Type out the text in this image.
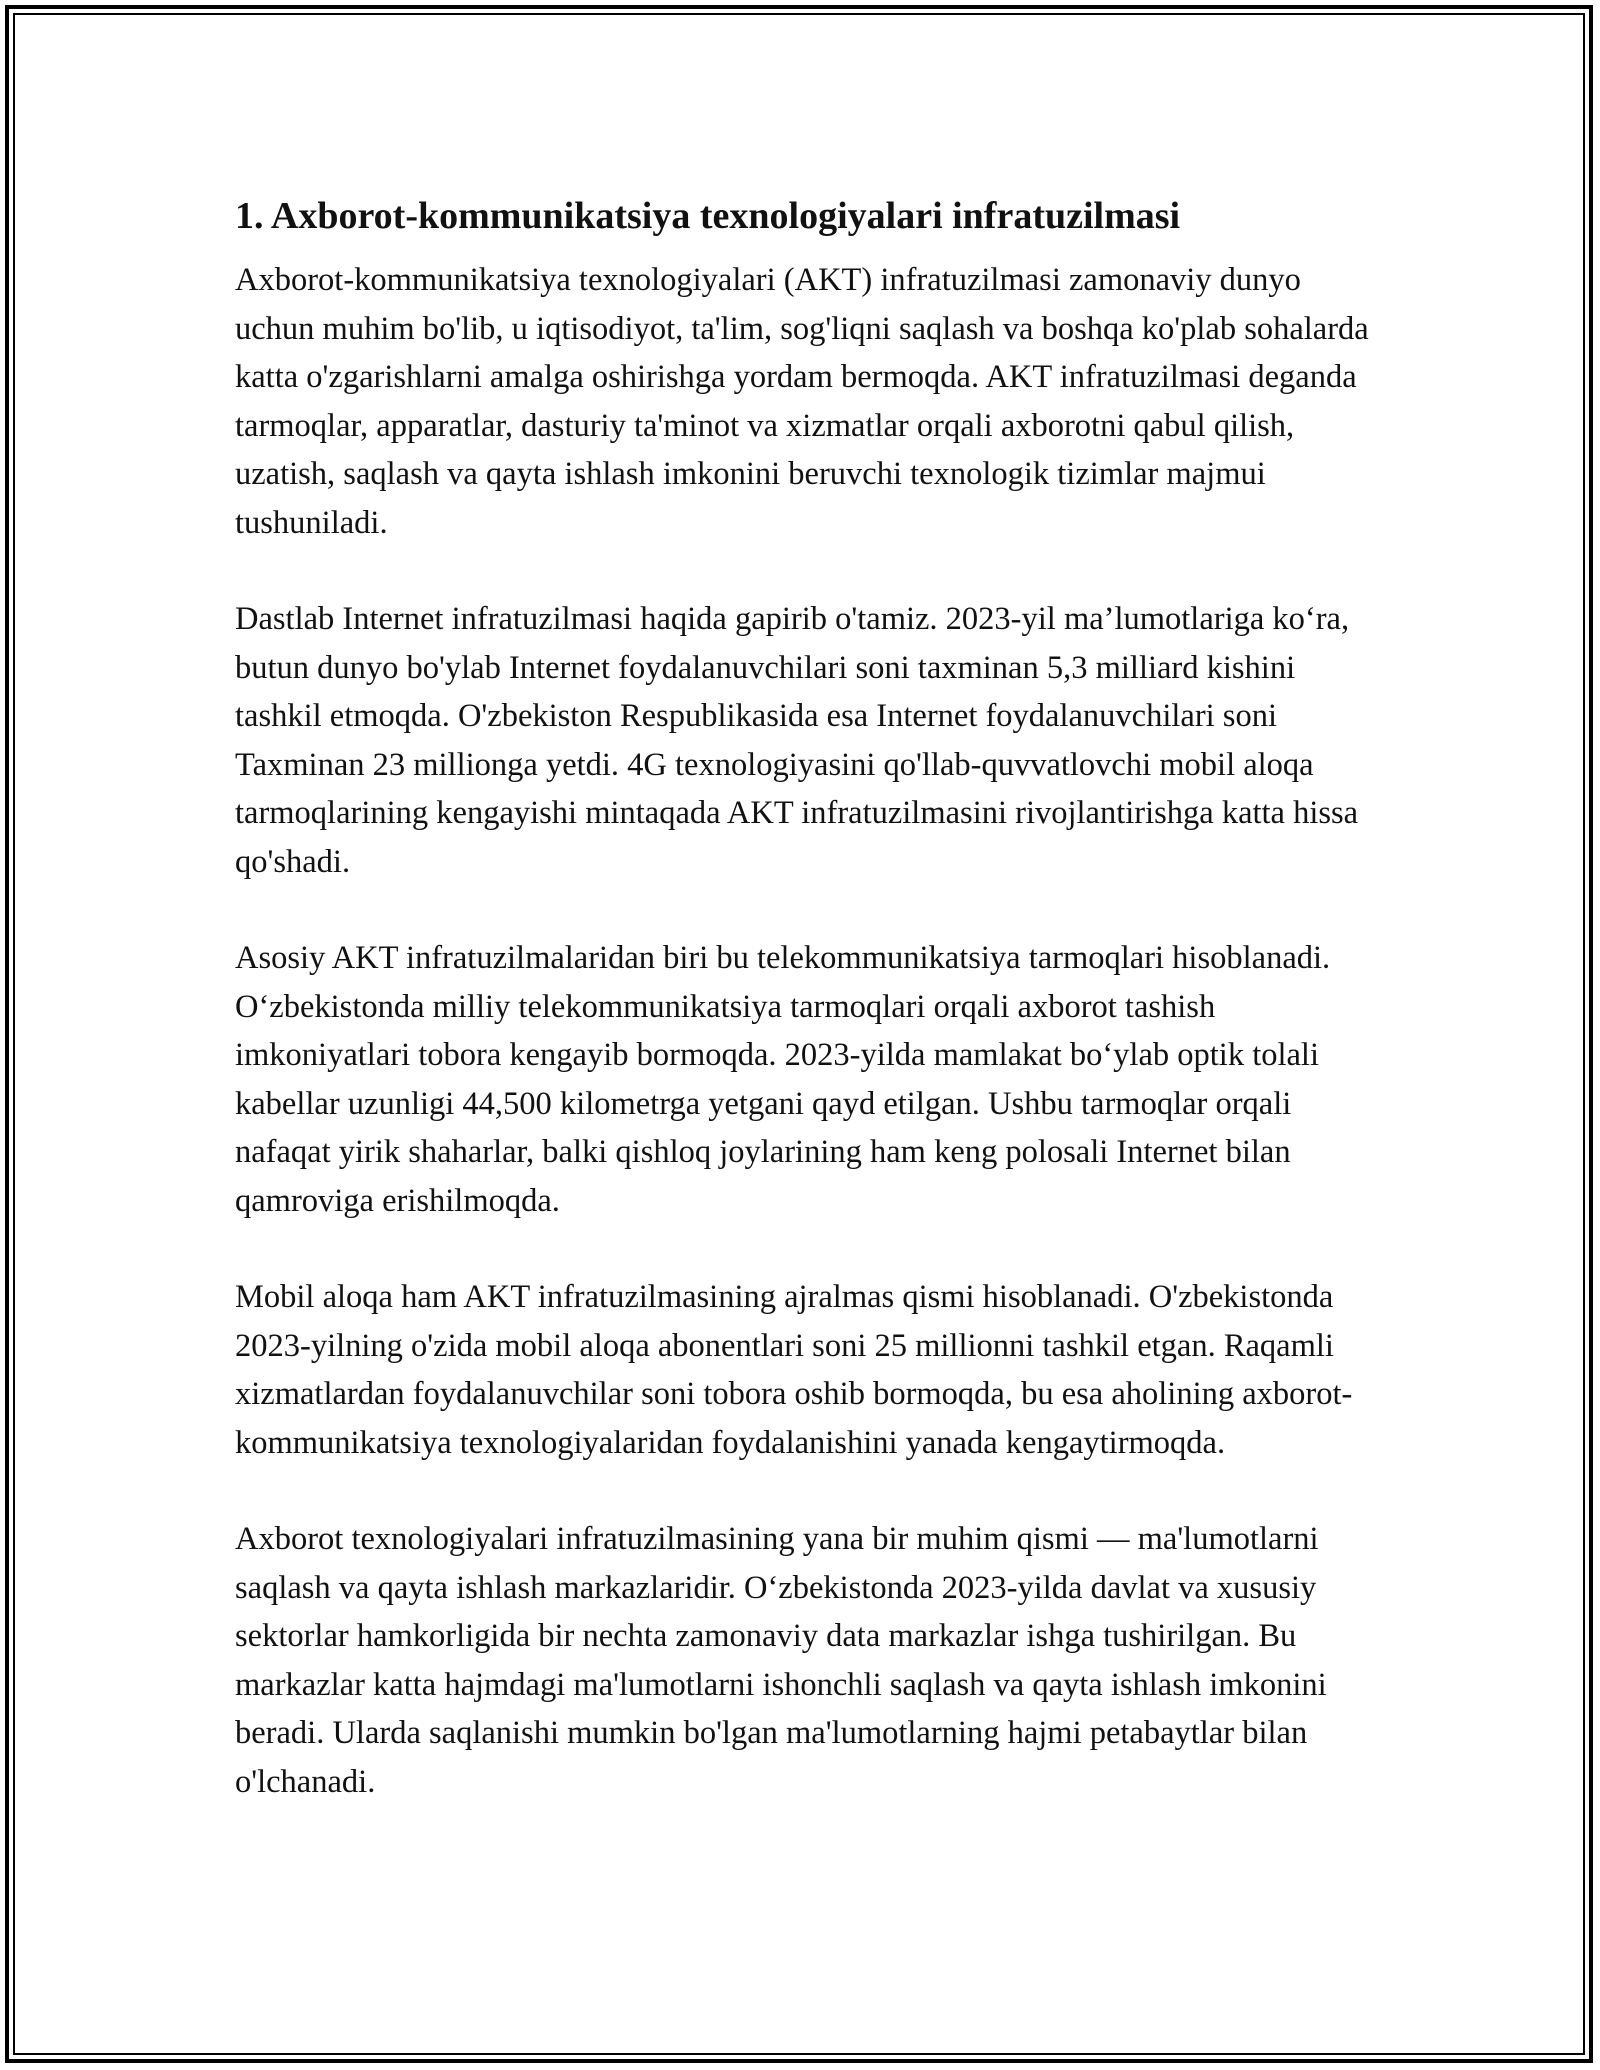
1. Axborot-kommunikatsiya texnologiyalari infratuzilmasi

Axborot-kommunikatsiya texnologiyalari (AKT) infratuzilmasi zamonaviy dunyo uchun muhim bo'lib, u iqtisodiyot, ta'lim, sog'liqni saqlash va boshqa ko'plab sohalarda katta o'zgarishlarni amalga oshirishga yordam bermoqda. AKT infratuzilmasi deganda tarmoqlar, apparatlar, dasturiy ta'minot va xizmatlar orqali axborotni qabul qilish, uzatish, saqlash va qayta ishlash imkonini beruvchi texnologik tizimlar majmui tushuniladi.

Dastlab Internet infratuzilmasi haqida gapirib o'tamiz. 2023-yil ma’lumotlariga ko‘ra, butun dunyo bo'ylab Internet foydalanuvchilari soni taxminan 5,3 milliard kishini tashkil etmoqda. O'zbekiston Respublikasida esa Internet foydalanuvchilari soni Taxminan 23 millionga yetdi. 4G texnologiyasini qo'llab-quvvatlovchi mobil aloqa tarmoqlarining kengayishi mintaqada AKT infratuzilmasini rivojlantirishga katta hissa qo'shadi.

Asosiy AKT infratuzilmalaridan biri bu telekommunikatsiya tarmoqlari hisoblanadi. O‘zbekistonda milliy telekommunikatsiya tarmoqlari orqali axborot tashish imkoniyatlari tobora kengayib bormoqda. 2023-yilda mamlakat bo‘ylab optik tolali kabellar uzunligi 44,500 kilometrga yetgani qayd etilgan. Ushbu tarmoqlar orqali nafaqat yirik shaharlar, balki qishloq joylarining ham keng polosali Internet bilan qamroviga erishilmoqda.

Mobil aloqa ham AKT infratuzilmasining ajralmas qismi hisoblanadi. O'zbekistonda 2023-yilning o'zida mobil aloqa abonentlari soni 25 millionni tashkil etgan. Raqamli xizmatlardan foydalanuvchilar soni tobora oshib bormoqda, bu esa aholining axborot-kommunikatsiya texnologiyalaridan foydalanishini yanada kengaytirmoqda.

Axborot texnologiyalari infratuzilmasining yana bir muhim qismi — ma'lumotlarni saqlash va qayta ishlash markazlaridir. O‘zbekistonda 2023-yilda davlat va xususiy sektorlar hamkorligida bir nechta zamonaviy data markazlar ishga tushirilgan. Bu markazlar katta hajmdagi ma'lumotlarni ishonchli saqlash va qayta ishlash imkonini beradi. Ularda saqlanishi mumkin bo'lgan ma'lumotlarning hajmi petabaytlar bilan o'lchanadi.
